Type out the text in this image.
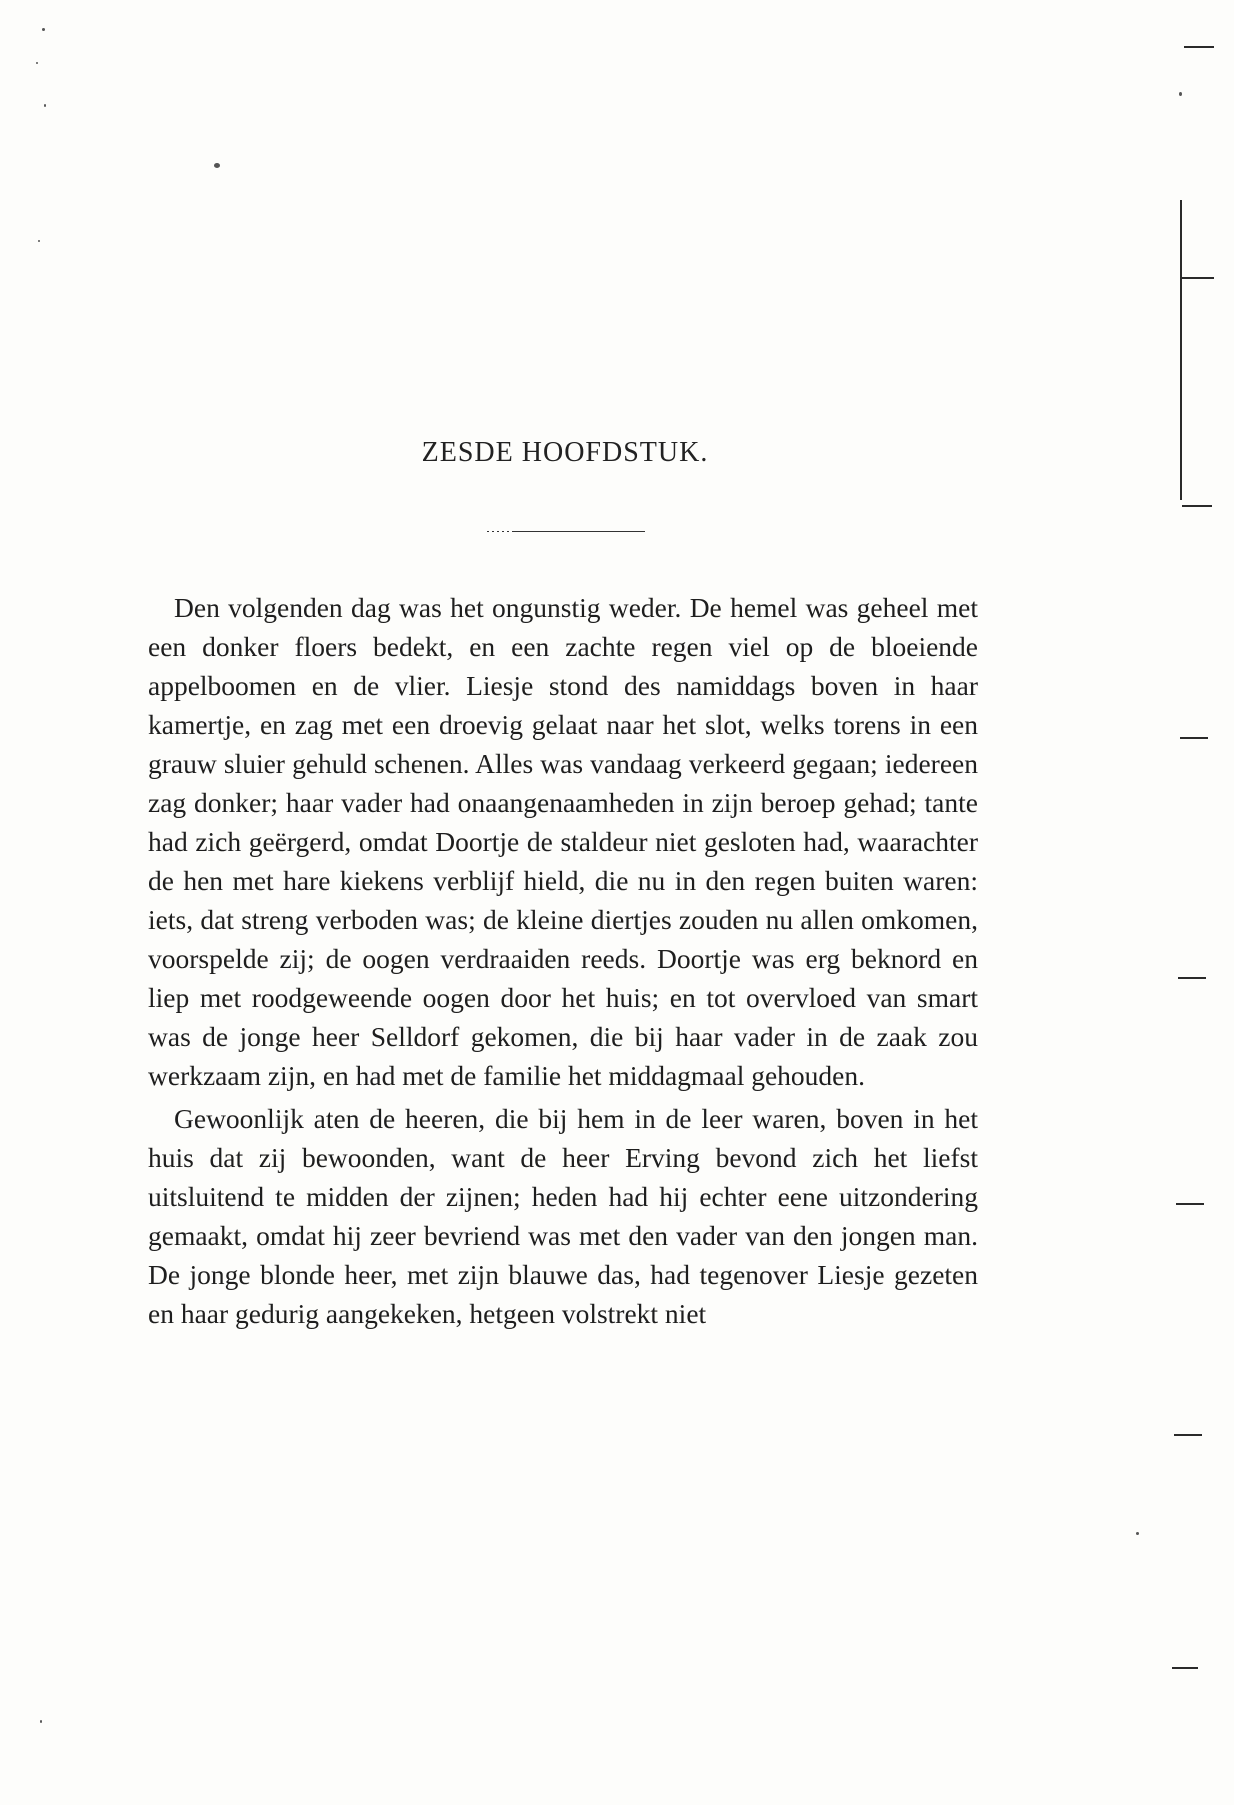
ZESDE HOOFDSTUK.

Den volgenden dag was het ongunstig weder. De hemel was geheel met een donker floers bedekt, en een zachte regen viel op de bloeiende appelboomen en de vlier. Liesje stond des namiddags boven in haar kamertje, en zag met een droevig gelaat naar het slot, welks torens in een grauw sluier gehuld schenen. Alles was vandaag verkeerd gegaan; iedereen zag donker; haar vader had onaangenaamheden in zijn beroep gehad; tante had zich geërgerd, omdat Doortje de staldeur niet gesloten had, waarachter de hen met hare kiekens verblijf hield, die nu in den regen buiten waren: iets, dat streng verboden was; de kleine diertjes zouden nu allen omkomen, voorspelde zij; de oogen verdraaiden reeds. Doortje was erg beknord en liep met roodgeweende oogen door het huis; en tot overvloed van smart was de jonge heer Selldorf gekomen, die bij haar vader in de zaak zou werkzaam zijn, en had met de familie het middagmaal gehouden.

Gewoonlijk aten de heeren, die bij hem in de leer waren, boven in het huis dat zij bewoonden, want de heer Erving bevond zich het liefst uitsluitend te midden der zijnen; heden had hij echter eene uitzondering gemaakt, omdat hij zeer bevriend was met den vader van den jongen man. De jonge blonde heer, met zijn blauwe das, had tegenover Liesje gezeten en haar gedurig aangekeken, hetgeen volstrekt niet
